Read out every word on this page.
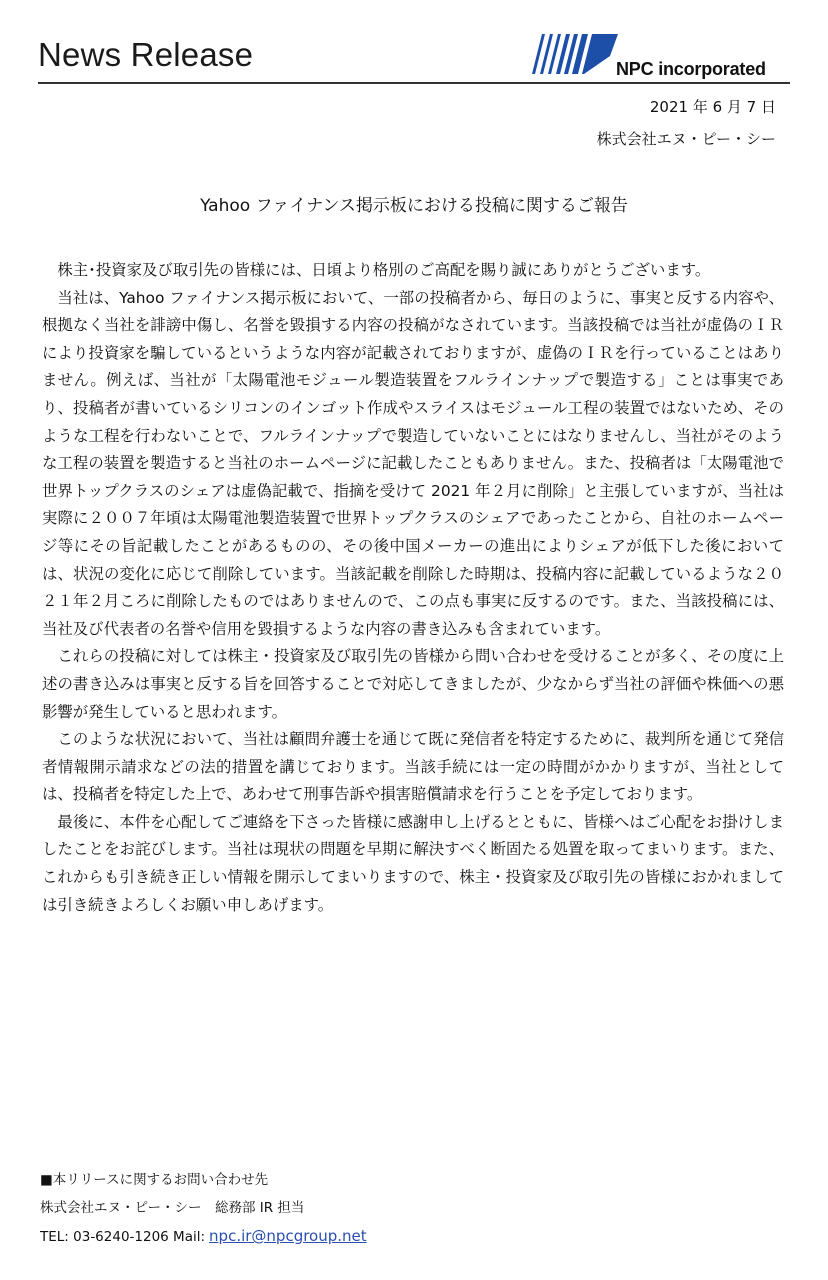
News Release	NPC incorporated
2021 年 6 月 7 日
株式会社エヌ・ピー・シー
Yahoo ファイナンス掲示板における投稿に関するご報告

株主･投資家及び取引先の皆様には、日頃より格別のご高配を賜り誠にありがとうございます。

当社は、Yahoo ファイナンス掲示板において、一部の投稿者から、毎日のように、事実と反する内容や、根拠なく当社を誹謗中傷し、名誉を毀損する内容の投稿がなされています。当該投稿では当社が虚偽のＩＲにより投資家を騙しているというような内容が記載されておりますが、虚偽のＩＲを行っていることはありません。例えば、当社が「太陽電池モジュール製造装置をフルラインナップで製造する」ことは事実であり、投稿者が書いているシリコンのインゴット作成やスライスはモジュール工程の装置ではないため、そのような工程を行わないことで、フルラインナップで製造していないことにはなりませんし、当社がそのような工程の装置を製造すると当社のホームページに記載したこともありません。また、投稿者は「太陽電池で世界トップクラスのシェアは虚偽記載で、指摘を受けて 2021 年２月に削除」と主張していますが、当社は実際に２００７年頃は太陽電池製造装置で世界トップクラスのシェアであったことから、自社のホームページ等にその旨記載したことがあるものの、その後中国メーカーの進出によりシェアが低下した後においては、状況の変化に応じて削除しています。当該記載を削除した時期は、投稿内容に記載しているような２０２１年２月ころに削除したものではありませんので、この点も事実に反するのです。また、当該投稿には、当社及び代表者の名誉や信用を毀損するような内容の書き込みも含まれています。

これらの投稿に対しては株主・投資家及び取引先の皆様から問い合わせを受けることが多く、その度に上述の書き込みは事実と反する旨を回答することで対応してきましたが、少なからず当社の評価や株価への悪影響が発生していると思われます。

このような状況において、当社は顧問弁護士を通じて既に発信者を特定するために、裁判所を通じて発信者情報開示請求などの法的措置を講じております。当該手続には一定の時間がかかりますが、当社としては、投稿者を特定した上で、あわせて刑事告訴や損害賠償請求を行うことを予定しております。

最後に、本件を心配してご連絡を下さった皆様に感謝申し上げるとともに、皆様へはご心配をお掛けしましたことをお詫びします。当社は現状の問題を早期に解決すべく断固たる処置を取ってまいります。また、これからも引き続き正しい情報を開示してまいりますので、株主・投資家及び取引先の皆様におかれましては引き続きよろしくお願い申しあげます。

■本リリースに関するお問い合わせ先
株式会社エヌ・ピー・シー　総務部 IR 担当
TEL: 03-6240-1206 Mail: npc.ir@npcgroup.net
